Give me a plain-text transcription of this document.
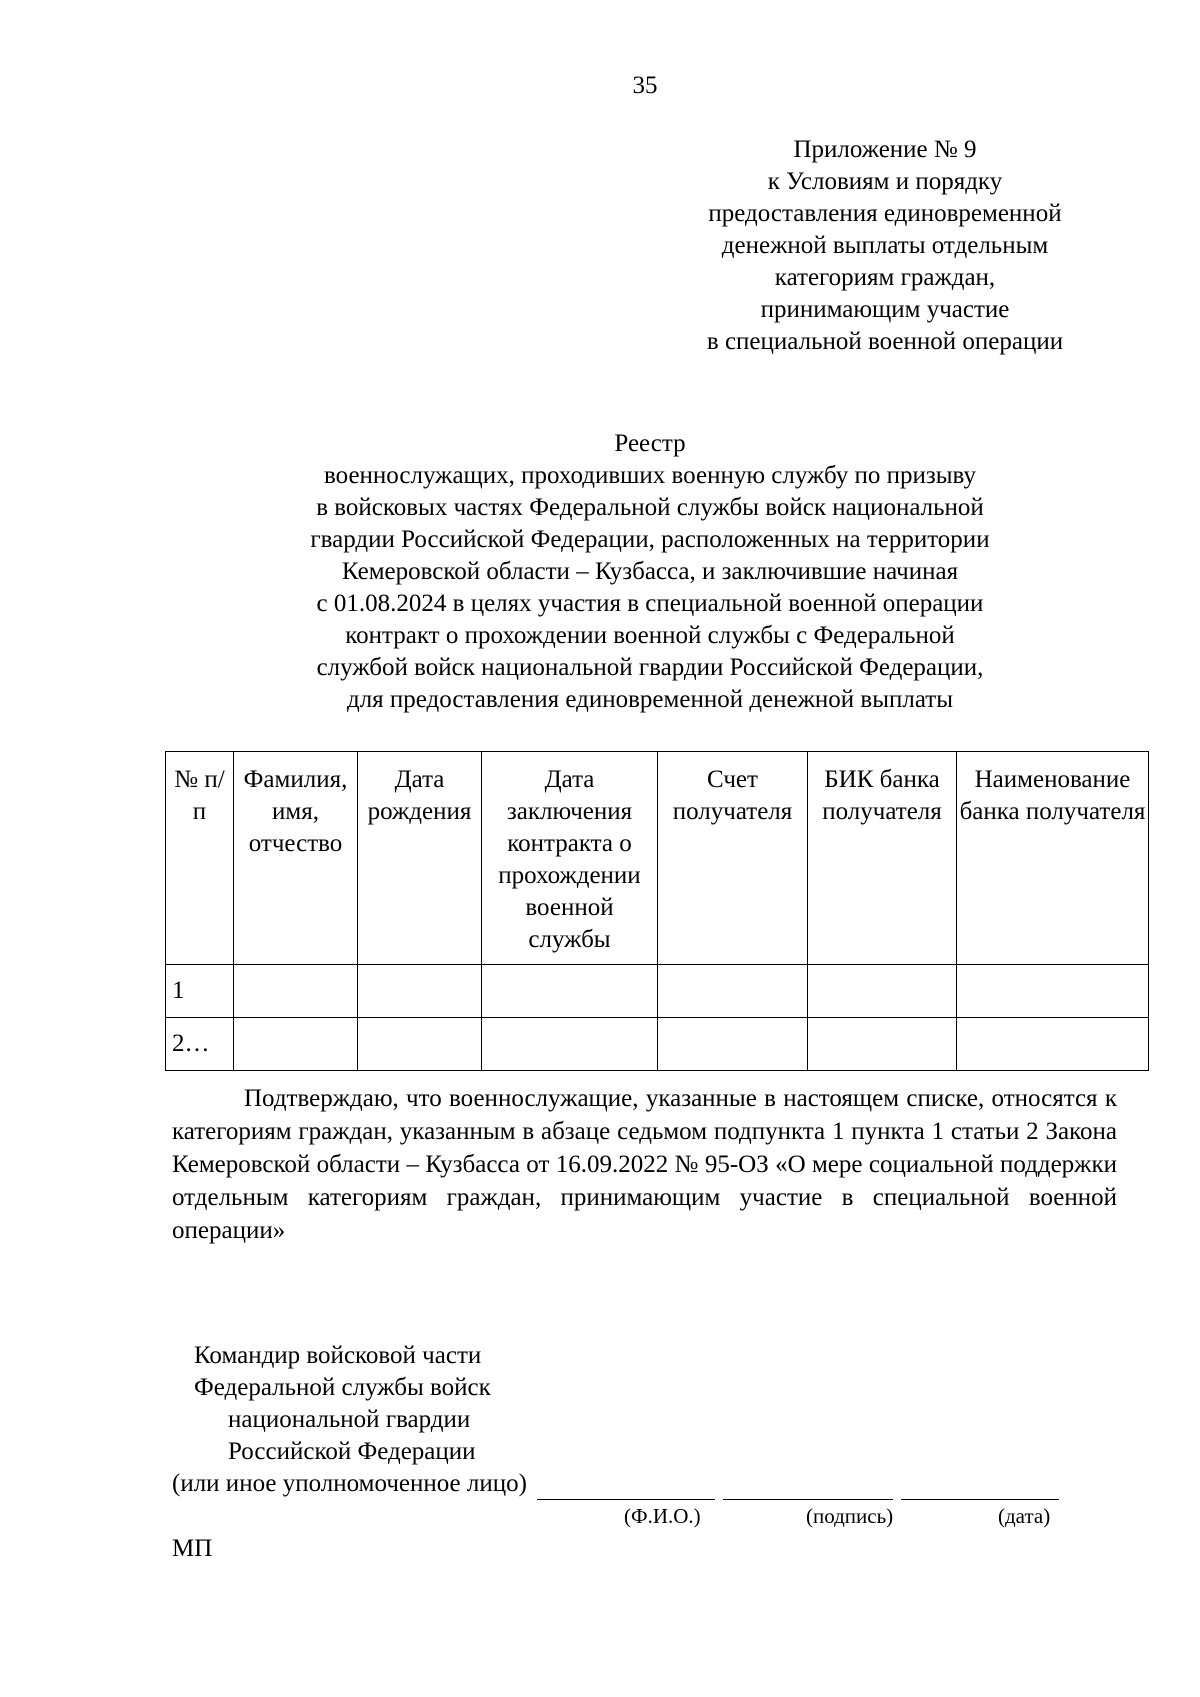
35
Приложение № 9
к Условиям и порядку
предоставления единовременной
денежной выплаты отдельным
категориям граждан,
принимающим участие
в специальной военной операции
Реестр
военнослужащих, проходивших военную службу по призыву
в войсковых частях Федеральной службы войск национальной
гвардии Российской Федерации, расположенных на территории
Кемеровской области – Кузбасса, и заключившие начиная
с 01.08.2024 в целях участия в специальной военной операции
контракт о прохождении военной службы с Федеральной
службой войск национальной гвардии Российской Федерации,
для предоставления единовременной денежной выплаты
№ п/п	Фамилия, имя, отчество	Дата рождения	Дата заключения контракта о прохождении военной службы	Счет получателя	БИК банка получателя	Наименование банка получателя
1						
2…						

Подтверждаю, что военнослужащие, указанные в настоящем списке, относятся к категориям граждан, указанным в абзаце седьмом подпункта 1 пункта 1 статьи 2 Закона Кемеровской области – Кузбасса от 16.09.2022 № 95-ОЗ «О мере социальной поддержки отдельным категориям граждан, принимающим участие в специальной военной операции»

Командир войсковой части
Федеральной службы войск
национальной гвардии
Российской Федерации
(или иное уполномоченное лицо)
(Ф.И.О.)	(подпись)	(дата)
МП
